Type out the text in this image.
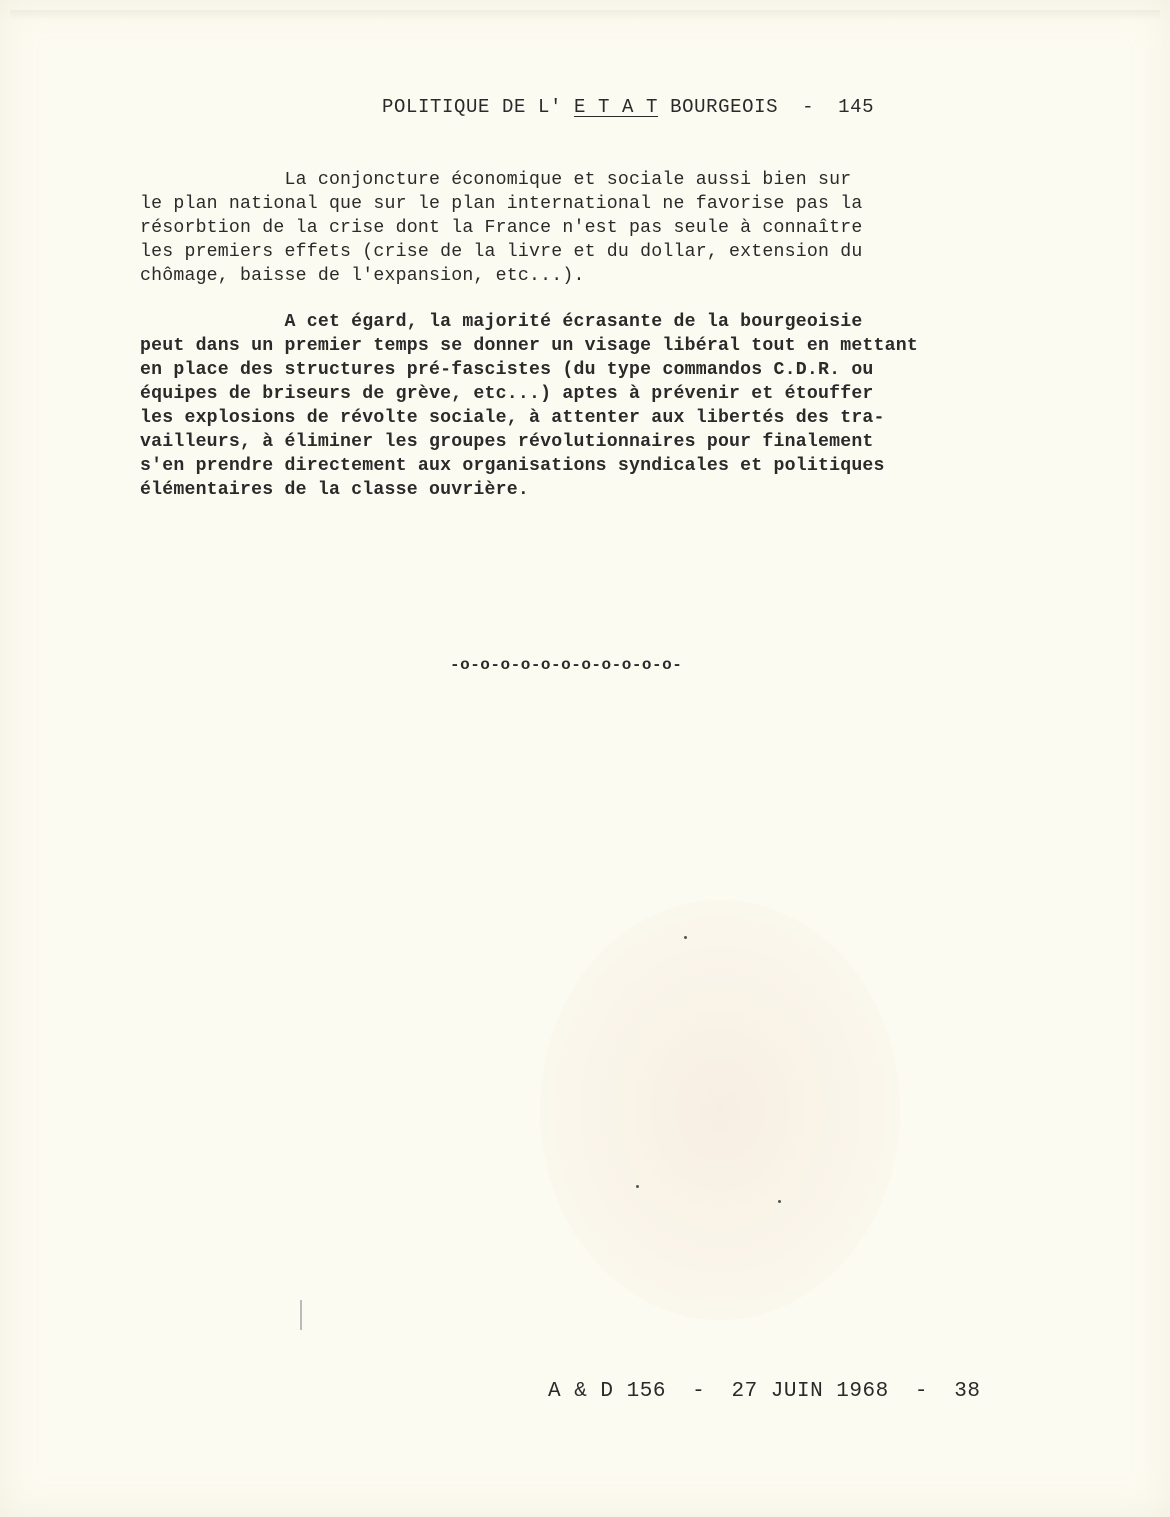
POLITIQUE DE L' E T A T BOURGEOIS - 145

La conjoncture économique et sociale aussi bien sur

le plan national que sur le plan international ne favorise pas la

résorbtion de la crise dont la France n'est pas seule à connaître

les premiers effets (crise de la livre et du dollar, extension du

chômage, baisse de l'expansion, etc...).

A cet égard, la majorité écrasante de la bourgeoisie

peut dans un premier temps se donner un visage libéral tout en mettant

en place des structures pré-fascistes (du type commandos C.D.R. ou

équipes de briseurs de grève, etc...) aptes à prévenir et étouffer

les explosions de révolte sociale, à attenter aux libertés des tra-

vailleurs, à éliminer les groupes révolutionnaires pour finalement

s'en prendre directement aux organisations syndicales et politiques

élémentaires de la classe ouvrière.

-o-o-o-o-o-o-o-o-o-o-o-
A & D 156 - 27 JUIN 1968 - 38
